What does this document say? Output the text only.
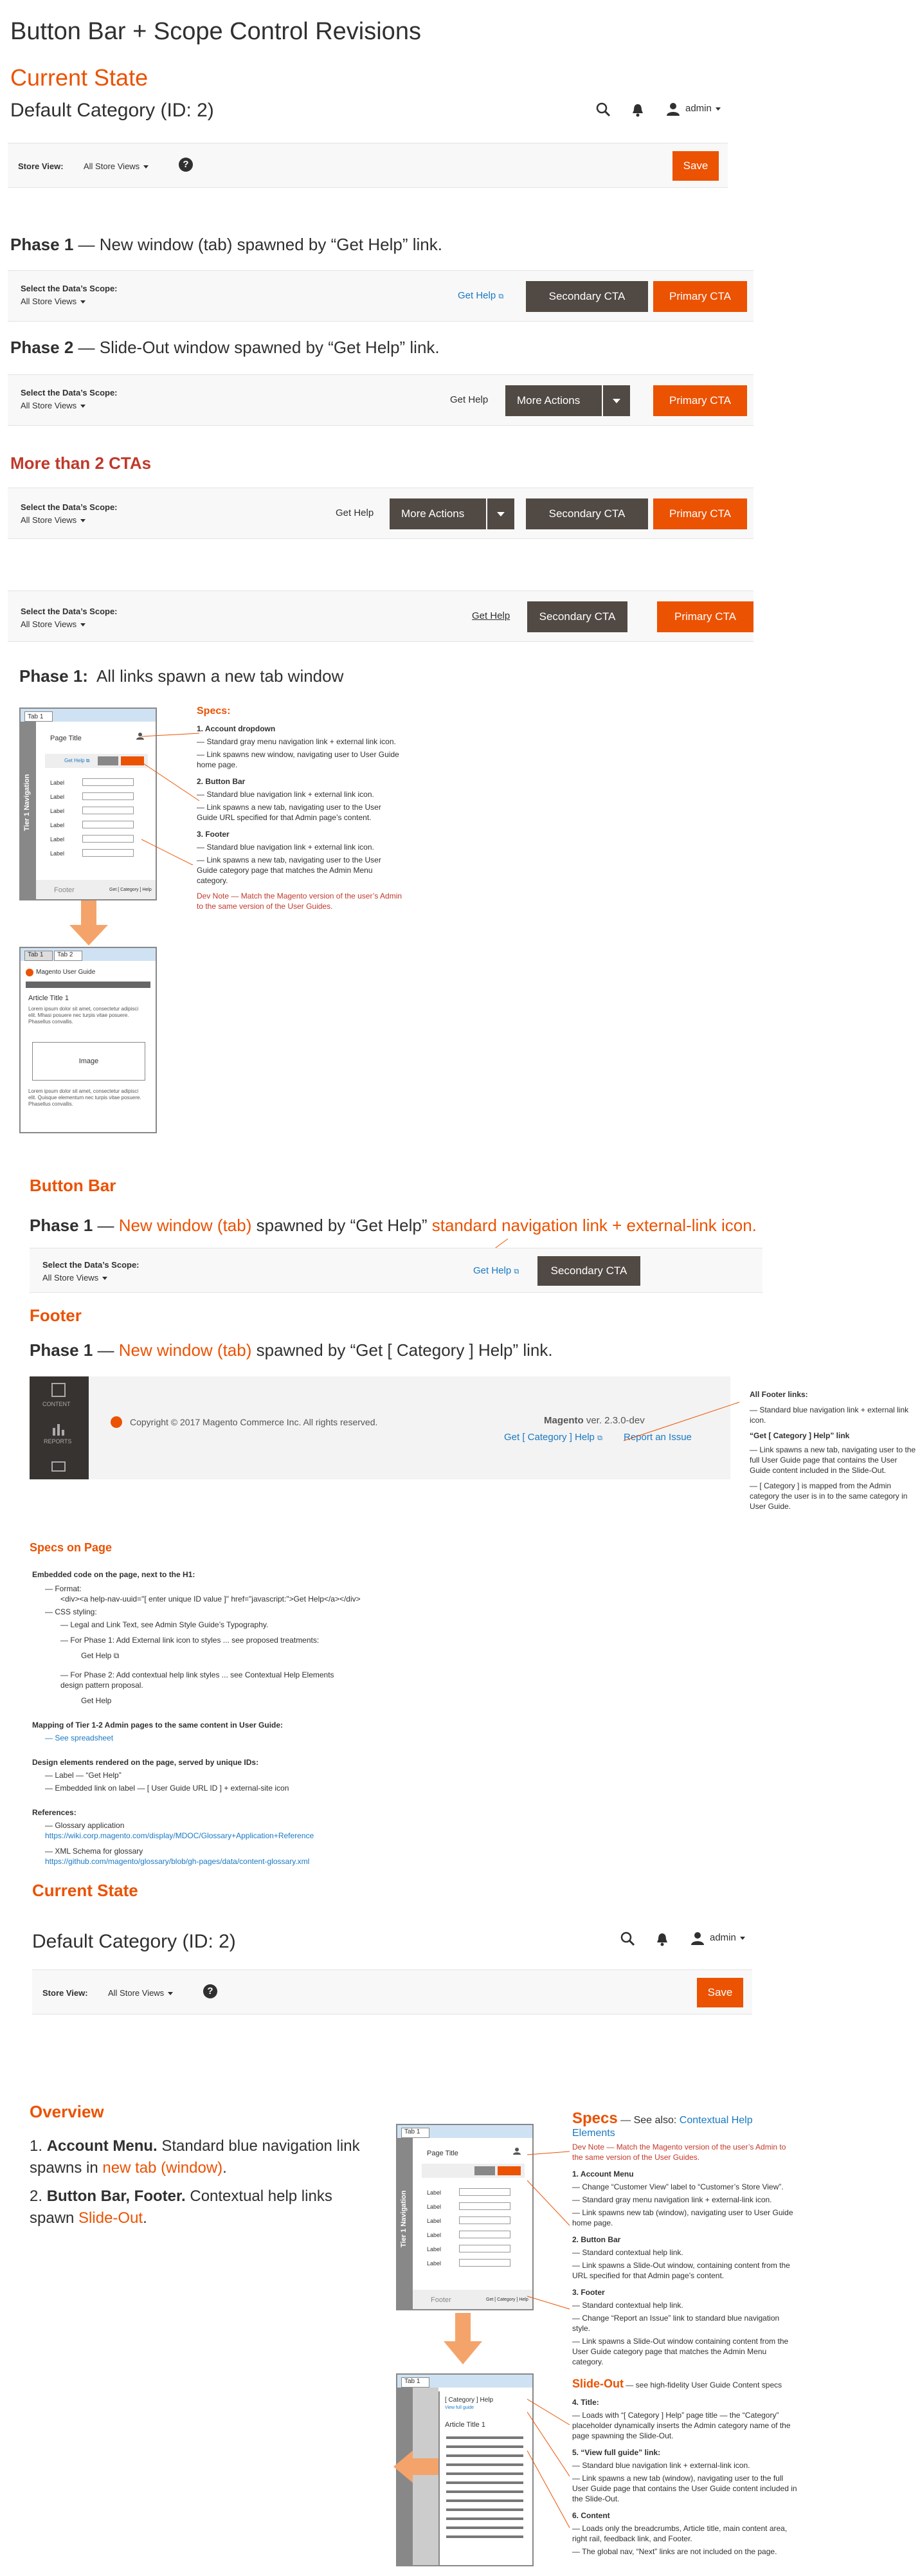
Button Bar + Scope Control Revisions
Current State
Default Category (ID: 2)	admin
Store View: All Store Views	?	Save
Phase 1 — New window (tab) spawned by “Get Help” link.
Select the Data’s Scope:
All Store Views
Get Help ⧉	Secondary CTA	Primary CTA
Phase 2 — Slide-Out window spawned by “Get Help” link.
Select the Data’s Scope:
All Store Views
Get Help	More Actions	Primary CTA
More than 2 CTAs
Select the Data’s Scope:
All Store Views
Get Help	More Actions	Secondary CTA	Primary CTA
Select the Data’s Scope:
All Store Views
Get Help	Secondary CTA	Primary CTA
Phase 1: All links spawn a new tab window
Tab 1
Tier 1 Navigation
Page Title
Get Help ⧉
Label
Label
Label
Label
Label
Label
Footer	Get [ Category ] Help
Specs:
1. Account dropdown
— Standard gray menu navigation link + external link icon.
— Link spawns new window, navigating user to User Guide home page.
2. Button Bar
— Standard blue navigation link + external link icon.
— Link spawns a new tab, navigating user to the User Guide URL specified for that Admin page’s content.
3. Footer
— Standard blue navigation link + external link icon.
— Link spawns a new tab, navigating user to the User Guide category page that matches the Admin Menu category.
Dev Note — Match the Magento version of the user’s Admin to the same version of the User Guides.
Tab 1	Tab 2
Magento User Guide
Article Title 1
Lorem ipsum dolor sit amet, consectetur adipisci elit. Mhasi posuere nec turpis vitae posuere. Phasellus convallis.
Image
Lorem ipsum dolor sit amet, consectetur adipisci elit. Quisque elementum nec turpis vitae posuere. Phasellus convallis.
Button Bar
Phase 1 — New window (tab) spawned by “Get Help” standard navigation link + external-link icon.
Select the Data’s Scope:
All Store Views
Get Help ⧉	Secondary CTA
Footer
Phase 1 — New window (tab) spawned by “Get [ Category ] Help” link.
CONTENT
REPORTS
Copyright © 2017 Magento Commerce Inc. All rights reserved.	Magento ver. 2.3.0-dev
Get [ Category ] Help ⧉ Report an Issue
All Footer links:
— Standard blue navigation link + external link icon.
“Get [ Category ] Help” link
— Link spawns a new tab, navigating user to the full User Guide page that contains the User Guide content included in the Slide-Out.
— [ Category ] is mapped from the Admin category the user is in to the same category in User Guide.
Specs on Page
Embedded code on the page, next to the H1:
— Format:
<div><a help-nav-uuid="[ enter unique ID value ]" href="javascript:">Get Help</a></div>
— CSS styling:
— Legal and Link Text, see Admin Style Guide’s Typography.
— For Phase 1: Add External link icon to styles ... see proposed treatments:
Get Help ⧉
— For Phase 2: Add contextual help link styles ... see Contextual Help Elements design pattern proposal.
Get Help
Mapping of Tier 1-2 Admin pages to the same content in User Guide:
— See spreadsheet
Design elements rendered on the page, served by unique IDs:
— Label — “Get Help”
— Embedded link on label — [ User Guide URL ID ] + external-site icon
References:
— Glossary application
https://wiki.corp.magento.com/display/MDOC/Glossary+Application+Reference
— XML Schema for glossary
https://github.com/magento/glossary/blob/gh-pages/data/content-glossary.xml
Current State
Default Category (ID: 2)	admin
Store View: All Store Views	?	Save
Overview
1. Account Menu. Standard blue navigation link spawns in new tab (window).
2. Button Bar, Footer. Contextual help links spawn Slide-Out.
Tab 1
Tier 1 Navigation
Page Title
Label
Label
Label
Label
Label
Label
Footer	Get [ Category ] Help
Tab 1
[ Category ] Help
View full guide
Article Title 1
Specs — See also: Contextual Help Elements
Dev Note — Match the Magento version of the user’s Admin to the same version of the User Guides.
1. Account Menu
— Change “Customer View” label to “Customer’s Store View”.
— Standard gray menu navigation link + external-link icon.
— Link spawns new tab (window), navigating user to User Guide home page.
2. Button Bar
— Standard contextual help link.
— Link spawns a Slide-Out window, containing content from the URL specified for that Admin page’s content.
3. Footer
— Standard contextual help link.
— Change “Report an Issue” link to standard blue navigation style.
— Link spawns a Slide-Out window containing content from the User Guide category page that matches the Admin Menu category.
Slide-Out — see high-fidelity User Guide Content specs
4. Title:
— Loads with “[ Category ] Help” page title — the “Category” placeholder dynamically inserts the Admin category name of the page spawning the Slide-Out.
5. “View full guide” link:
— Standard blue navigation link + external-link icon.
— Link spawns a new tab (window), navigating user to the full User Guide page that contains the User Guide content included in the Slide-Out.
6. Content
— Loads only the breadcrumbs, Article title, main content area, right rail, feedback link, and Footer.
— The global nav, “Next” links are not included on the page.
